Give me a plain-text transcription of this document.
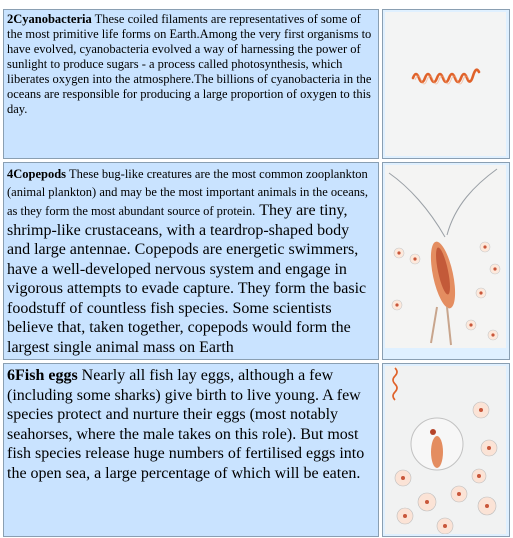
2Cyanobacteria These coiled filaments are representatives of some of the most primitive life forms on Earth.Among the very first organisms to have evolved, cyanobacteria evolved a way of harnessing the power of sunlight to produce sugars - a process called photosynthesis, which liberates oxygen into the atmosphere.The billions of cyanobacteria in the oceans are responsible for producing a large proportion of oxygen to this day.	

4Copepods These bug-like creatures are the most common zooplankton (animal plankton) and may be the most important animals in the oceans, as they form the most abundant source of protein. They are tiny, shrimp-like crustaceans, with a teardrop-shaped body and large antennae. Copepods are energetic swimmers, have a well-developed nervous system and engage in vigorous attempts to evade capture. They form the basic foodstuff of countless fish species. Some scientists believe that, taken together, copepods would form the largest single animal mass on Earth	

6Fish eggs Nearly all fish lay eggs, although a few (including some sharks) give birth to live young. A few species protect and nurture their eggs (most notably seahorses, where the male takes on this role). But most fish species release huge numbers of fertilised eggs into the open sea, a large percentage of which will be eaten.	
